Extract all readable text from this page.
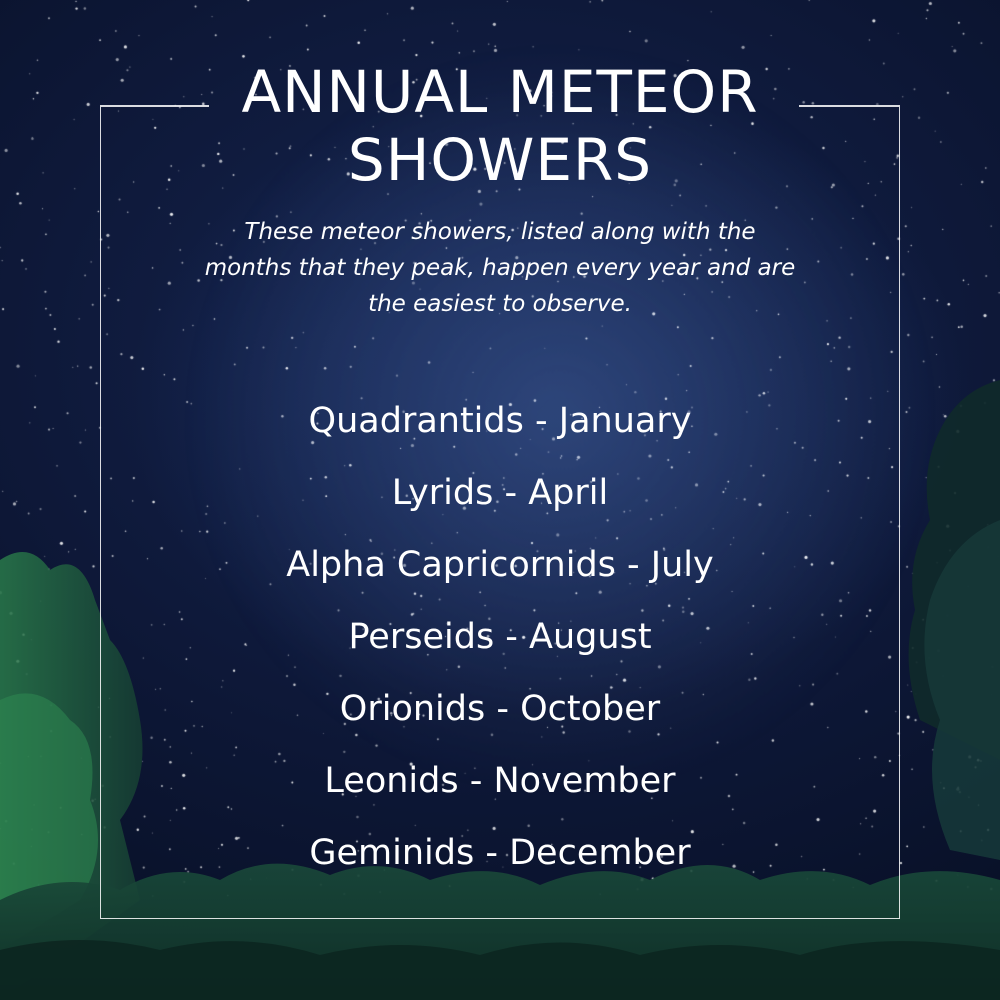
ANNUAL METEOR
SHOWERS
These meteor showers, listed along with the months that they peak, happen every year and are the easiest to observe.
Quadrantids - January
Lyrids - April
Alpha Capricornids - July
Perseids - August
Orionids - October
Leonids - November
Geminids - December
